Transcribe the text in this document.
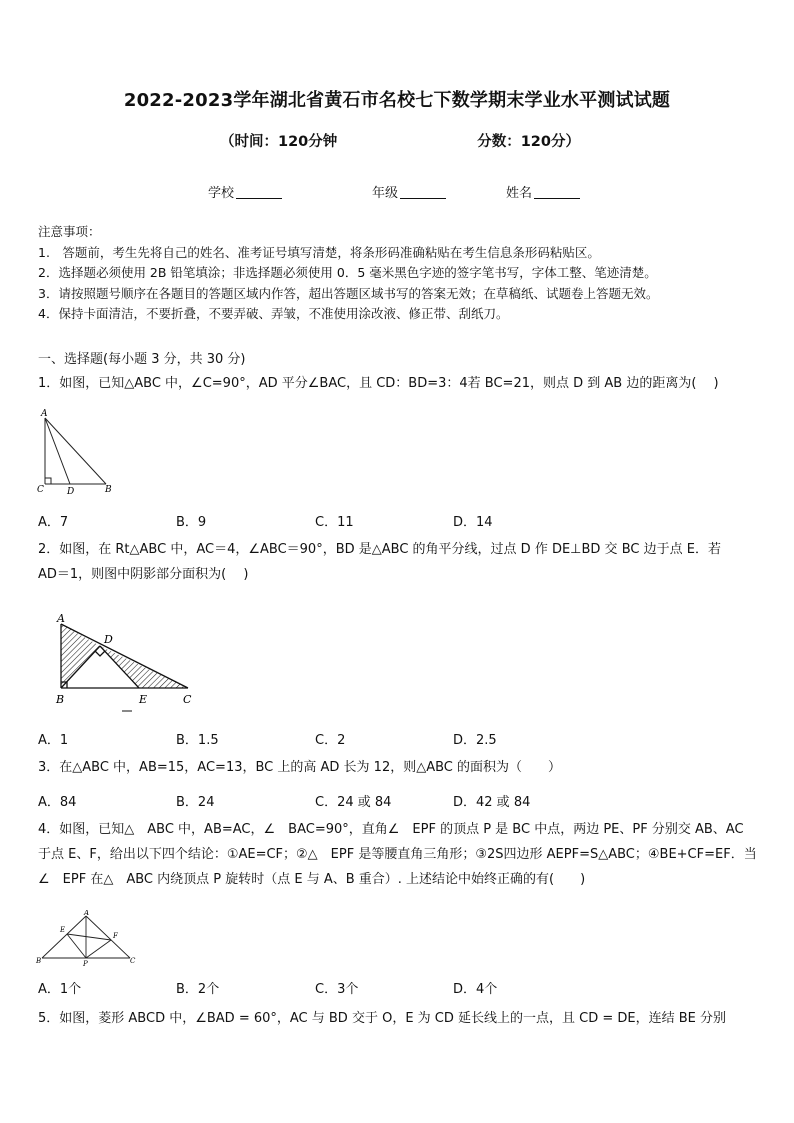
2022-2023学年湖北省黄石市名校七下数学期末学业水平测试试题
（时间：120分钟	分数：120分）
学校	年级	姓名
注意事项：
1.　答题前，考生先将自己的姓名、准考证号填写清楚，将条形码准确粘贴在考生信息条形码粘贴区。
2．选择题必须使用 2B 铅笔填涂；非选择题必须使用 0．5 毫米黑色字迹的签字笔书写，字体工整、笔迹清楚。
3．请按照题号顺序在各题目的答题区域内作答，超出答题区域书写的答案无效；在草稿纸、试题卷上答题无效。
4．保持卡面清洁，不要折叠，不要弄破、弄皱，不准使用涂改液、修正带、刮纸刀。
一、选择题(每小题 3 分，共 30 分)
1．如图，已知△ABC 中，∠C=90°，AD 平分∠BAC，且 CD：BD=3：4若 BC=21，则点 D 到 AB 边的距离为(　 )
A
C	D	B
A．7	B．9	C．11	D．14
2．如图，在 Rt△ABC 中，AC＝4，∠ABC＝90°，BD 是△ABC 的角平分线，过点 D 作 DE⊥BD 交 BC 边于点 E．若
AD＝1，则图中阴影部分面积为(　 )
A
D
B	E	C
A．1	B．1.5	C．2	D．2.5
3．在△ABC 中，AB=15，AC=13，BC 上的高 AD 长为 12，则△ABC 的面积为（　　）
A．84	B．24	C．24 或 84	D．42 或 84
4．如图，已知△　ABC 中，AB=AC，∠　BAC=90°，直角∠　EPF 的顶点 P 是 BC 中点，两边 PE、PF 分别交 AB、AC
于点 E、F，给出以下四个结论：①AE=CF；②△　EPF 是等腰直角三角形；③2S四边形 AEPF=S△ABC；④BE+CF=EF．当
∠　EPF 在△　ABC 内绕顶点 P 旋转时（点 E 与 A、B 重合）. 上述结论中始终正确的有(　　)
A
E
F
B	P	C
A．1个	B．2个	C．3个	D．4个
5．如图，菱形 ABCD 中，∠BAD = 60°，AC 与 BD 交于 O，E 为 CD 延长线上的一点，且 CD = DE，连结 BE 分别
